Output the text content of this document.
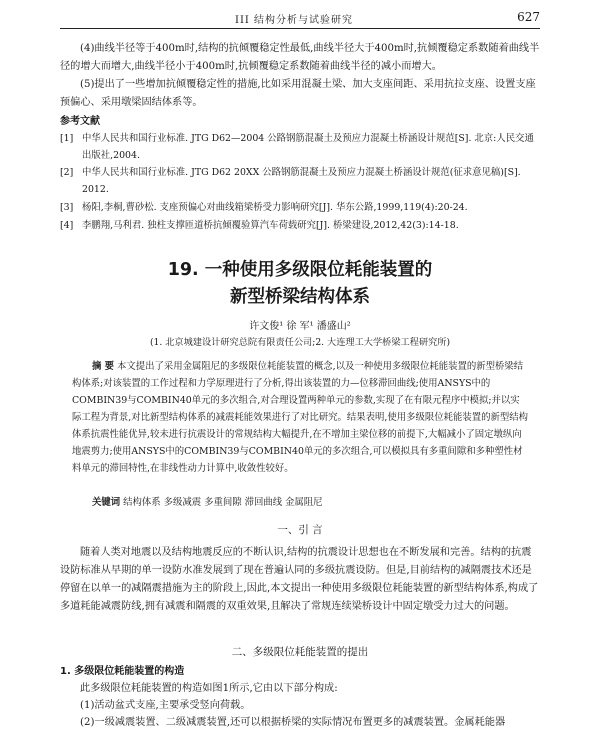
III 结构分析与试验研究	627

(4)曲线半径等于400m时,结构的抗倾覆稳定性最低,曲线半径大于400m时,抗倾覆稳定系数随着曲线半径的增大而增大,曲线半径小于400m时,抗倾覆稳定系数随着曲线半径的减小而增大。

(5)提出了一些增加抗倾覆稳定性的措施,比如采用混凝土梁、加大支座间距、采用抗拉支座、设置支座预偏心、采用墩梁固结体系等。

参考文献
[1] 中华人民共和国行业标准. JTG D62—2004 公路钢筋混凝土及预应力混凝土桥涵设计规范[S]. 北京:人民交通出版社,2004.
[2] 中华人民共和国行业标准. JTG D62 20XX 公路钢筋混凝土及预应力混凝土桥涵设计规范(征求意见稿)[S]. 2012.
[3] 杨阳,李桐,曹砂松. 支座预偏心对曲线箱梁桥受力影响研究[J]. 华东公路,1999,119(4):20-24.
[4] 李鹏翔,马利君. 独柱支撑匝道桥抗倾覆验算汽车荷载研究[J]. 桥梁建设,2012,42(3):14-18.
19. 一种使用多级限位耗能装置的
新型桥梁结构体系
许文俊¹ 徐 军¹ 潘盛山²
(1. 北京城建设计研究总院有限责任公司;2. 大连理工大学桥梁工程研究所)

摘 要 本文提出了采用金属阻尼的多级限位耗能装置的概念,以及一种使用多级限位耗能装置的新型桥梁结构体系;对该装置的工作过程和力学原理进行了分析,得出该装置的力—位移滞回曲线;使用ANSYS中的COMBIN39与COMBIN40单元的多次组合,对合理设置两种单元的参数,实现了在有限元程序中模拟;并以实际工程为背景,对比新型结构体系的减震耗能效果进行了对比研究。结果表明,使用多级限位耗能装置的新型结构体系抗震性能优异,较未进行抗震设计的常规结构大幅提升,在不增加主梁位移的前提下,大幅减小了固定墩纵向地震剪力;使用ANSYS中的COMBIN39与COMBIN40单元的多次组合,可以模拟具有多重间隙和多种塑性材料单元的滞回特性,在非线性动力计算中,收敛性较好。

关键词 结构体系 多级减震 多重间隙 滞回曲线 金属阻尼

一、引 言

随着人类对地震以及结构地震反应的不断认识,结构的抗震设计思想也在不断发展和完善。结构的抗震设防标准从早期的单一设防水准发展到了现在普遍认同的多级抗震设防。但是,目前结构的减隔震技术还是停留在以单一的减隔震措施为主的阶段上,因此,本文提出一种使用多级限位耗能装置的新型结构体系,构成了多道耗能减震防线,拥有减震和隔震的双重效果,且解决了常规连续梁桥设计中固定墩受力过大的问题。

二、多级限位耗能装置的提出
1. 多级限位耗能装置的构造

此多级限位耗能装置的构造如图1所示,它由以下部分构成:

(1)活动盆式支座,主要承受竖向荷载。

(2)一级减震装置、二级减震装置,还可以根据桥梁的实际情况布置更多的减震装置。金属耗能器
